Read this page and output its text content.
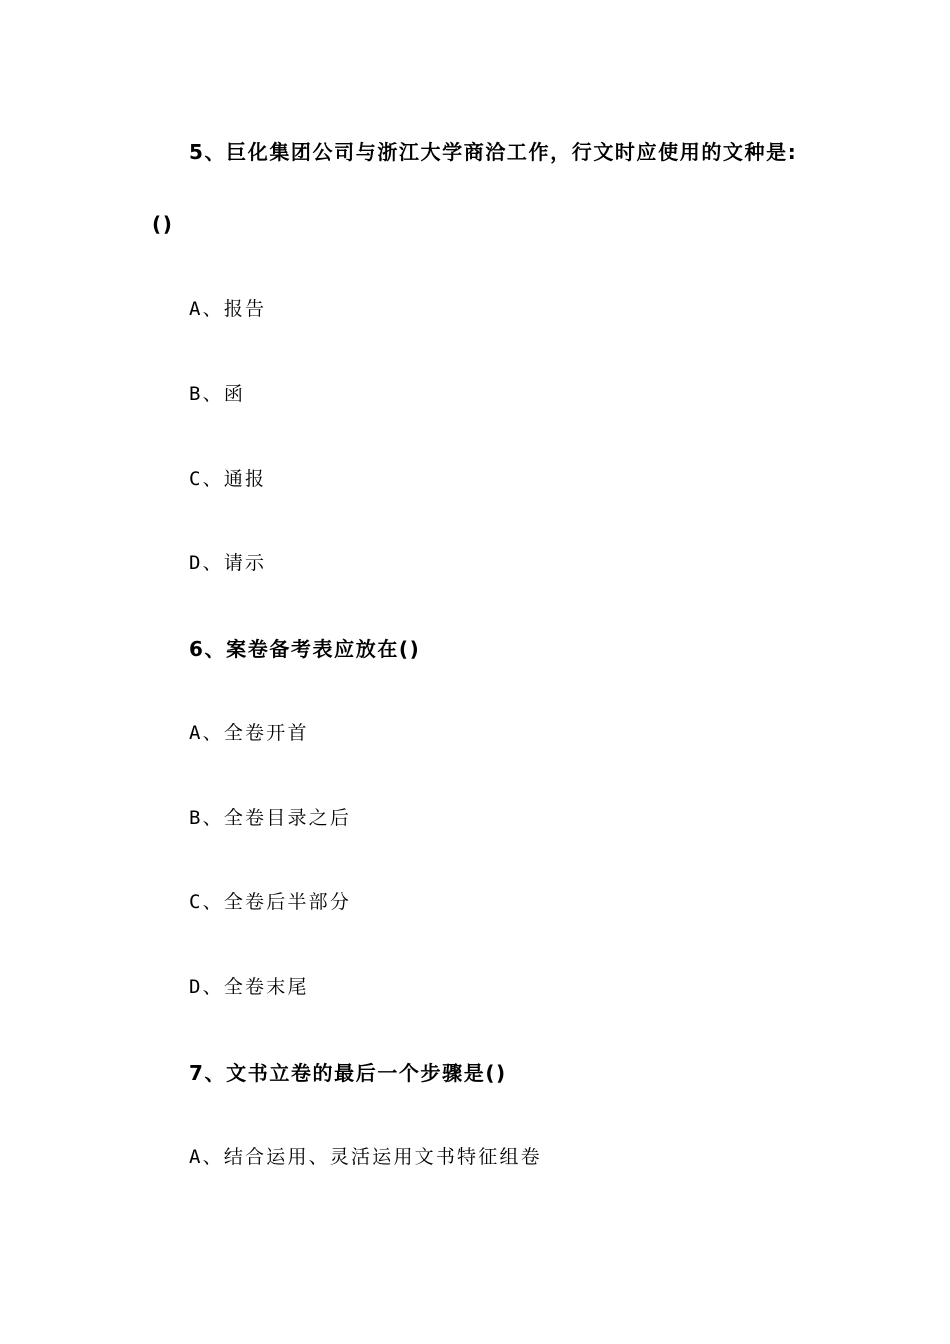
5、巨化集团公司与浙江大学商洽工作，行文时应使用的文种是:
()
A、报告
B、函
C、通报
D、请示
6、案卷备考表应放在()
A、全卷开首
B、全卷目录之后
C、全卷后半部分
D、全卷末尾
7、文书立卷的最后一个步骤是()
A、结合运用、灵活运用文书特征组卷
